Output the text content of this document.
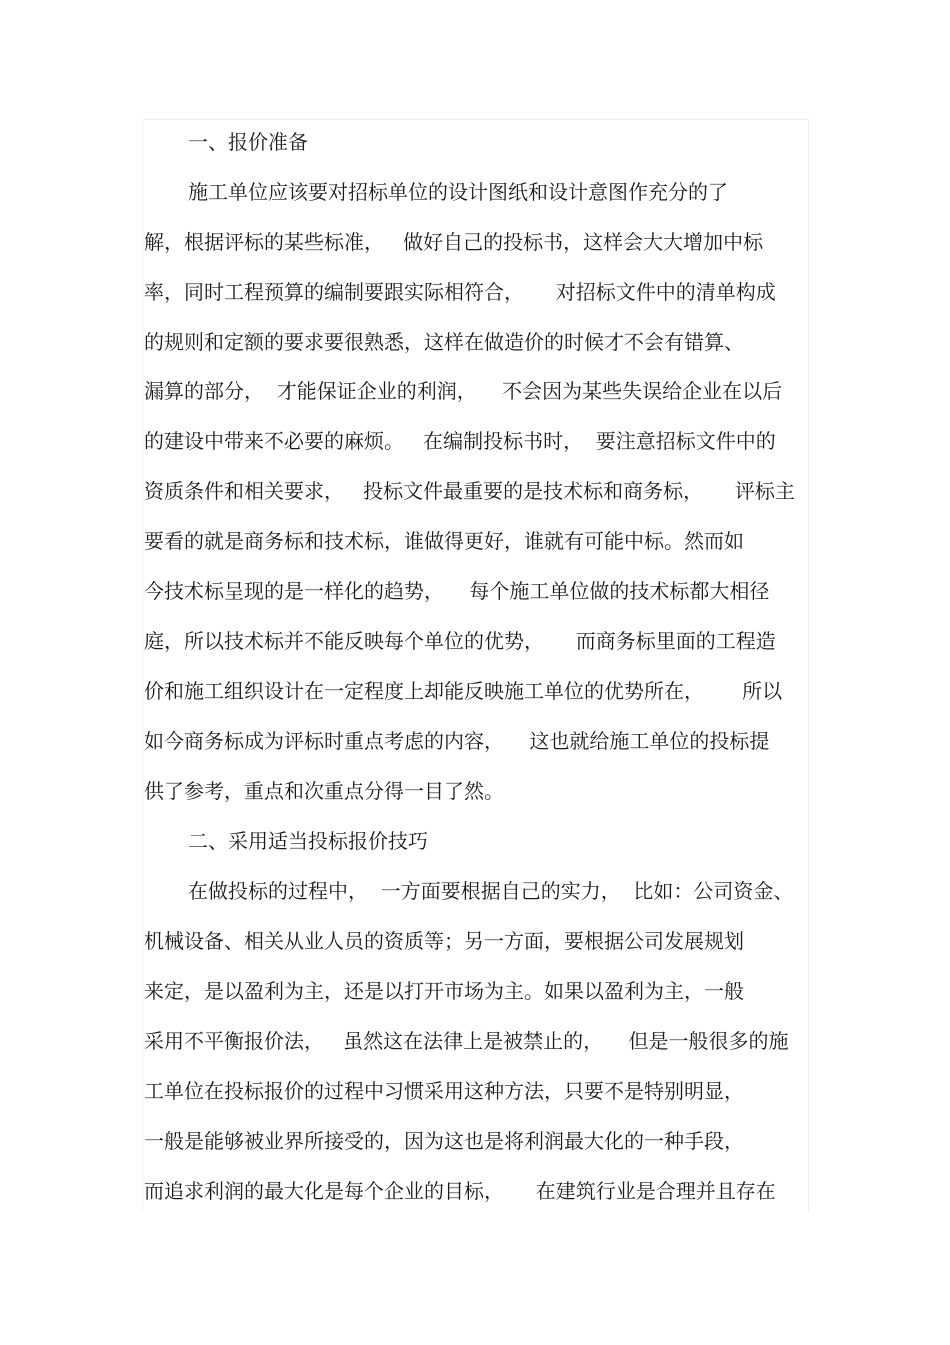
一、报价准备
施工单位应该要对招标单位的设计图纸和设计意图作充分的了
解，根据评标的某些标准，   做好自己的投标书，这样会大大增加中标
率，同时工程预算的编制要跟实际相符合，     对招标文件中的清单构成
的规则和定额的要求要很熟悉，这样在做造价的时候才不会有错算、
漏算的部分，  才能保证企业的利润，    不会因为某些失误给企业在以后
的建设中带来不必要的麻烦。   在编制投标书时，  要注意招标文件中的
资质条件和相关要求，   投标文件最重要的是技术标和商务标，     评标主
要看的就是商务标和技术标，谁做得更好，谁就有可能中标。然而如
今技术标呈现的是一样化的趋势，    每个施工单位做的技术标都大相径
庭，所以技术标并不能反映每个单位的优势，     而商务标里面的工程造
价和施工组织设计在一定程度上却能反映施工单位的优势所在，      所以
如今商务标成为评标时重点考虑的内容，    这也就给施工单位的投标提
供了参考，重点和次重点分得一目了然。
二、采用适当投标报价技巧
在做投标的过程中，  一方面要根据自己的实力，  比如：公司资金、
机械设备、相关从业人员的资质等；另一方面，要根据公司发展规划
来定，是以盈利为主，还是以打开市场为主。如果以盈利为主，一般
采用不平衡报价法，   虽然这在法律上是被禁止的，    但是一般很多的施
工单位在投标报价的过程中习惯采用这种方法，只要不是特别明显，
一般是能够被业界所接受的，因为这也是将利润最大化的一种手段，
而追求利润的最大化是每个企业的目标，     在建筑行业是合理并且存在
